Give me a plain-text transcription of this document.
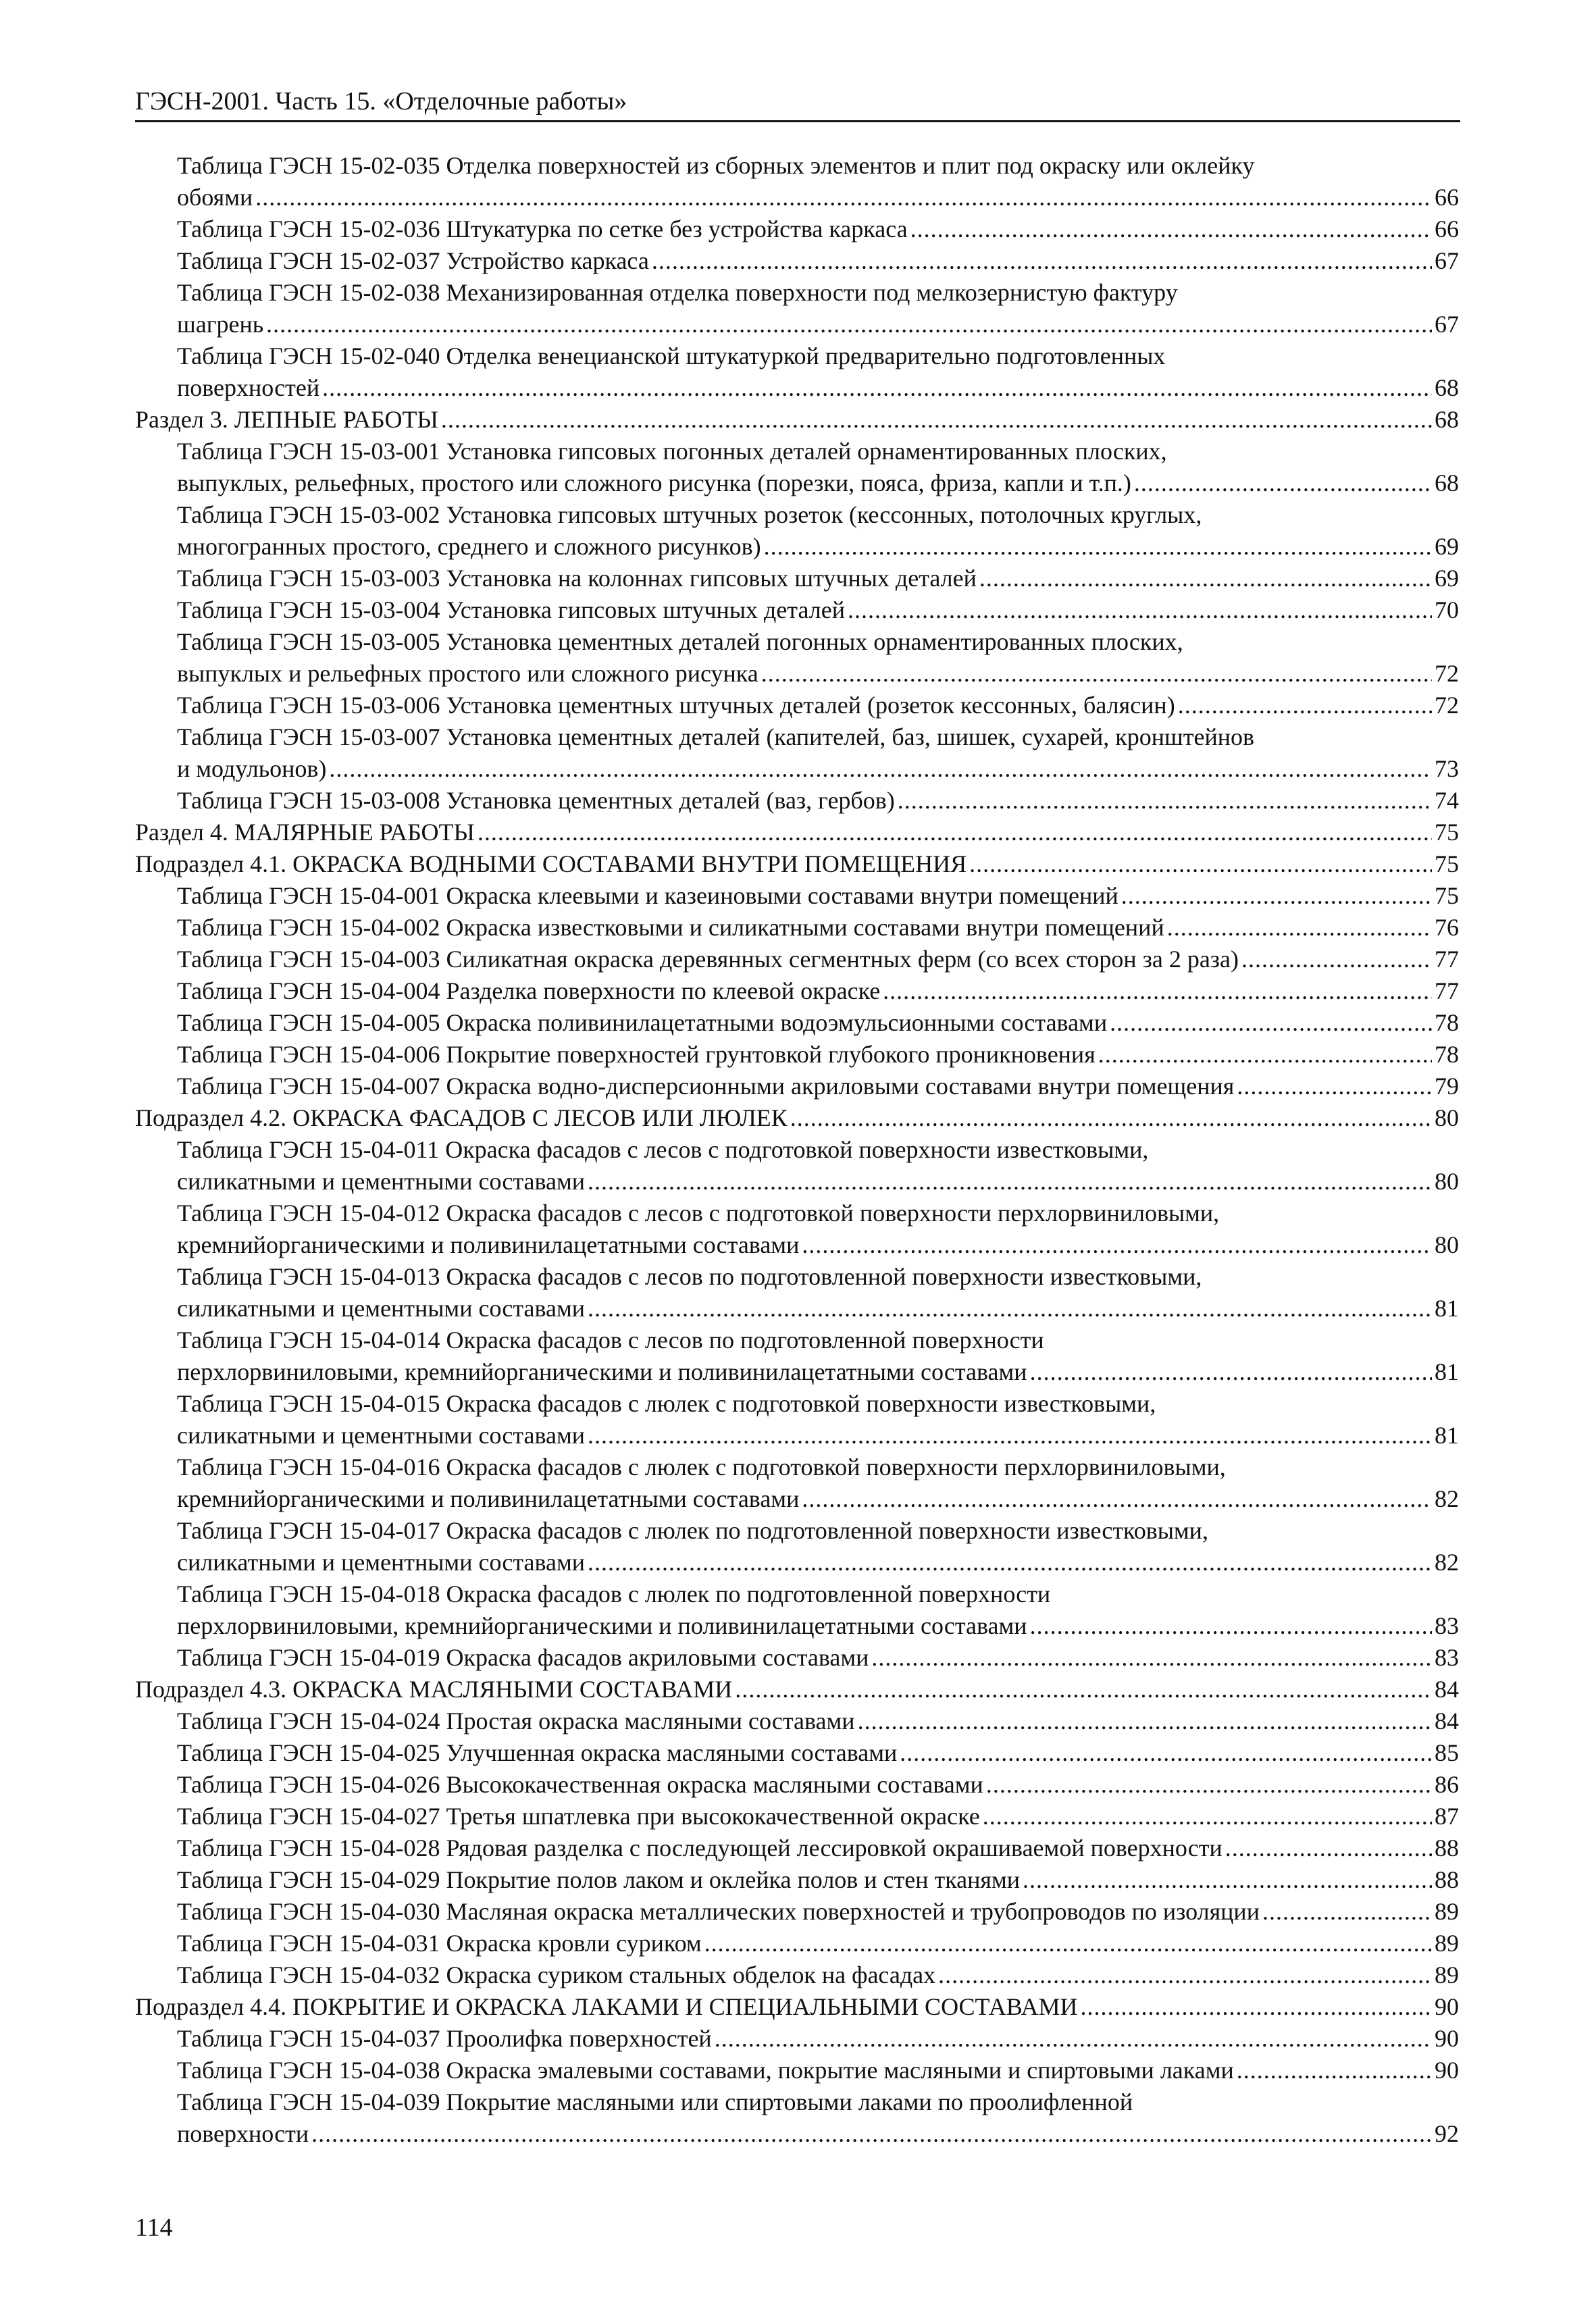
ГЭСН-2001. Часть 15. «Отделочные работы»
Таблица ГЭСН 15-02-035 Отделка поверхностей из сборных элементов и плит под окраску или оклейку
обоями .....	66
Таблица ГЭСН 15-02-036 Штукатурка по сетке без устройства каркаса .....	66
Таблица ГЭСН 15-02-037 Устройство каркаса .....	67
Таблица ГЭСН 15-02-038 Механизированная отделка поверхности под мелкозернистую фактуру
шагрень .....	67
Таблица ГЭСН 15-02-040 Отделка венецианской штукатуркой предварительно подготовленных
поверхностей .....	68
Раздел 3. ЛЕПНЫЕ РАБОТЫ .....	68
Таблица ГЭСН 15-03-001 Установка гипсовых погонных деталей орнаментированных плоских,
выпуклых, рельефных, простого или сложного рисунка (порезки, пояса, фриза, капли и т.п.) .....	68
Таблица ГЭСН 15-03-002 Установка гипсовых штучных розеток (кессонных, потолочных круглых,
многогранных простого, среднего и сложного рисунков) .....	69
Таблица ГЭСН 15-03-003 Установка на колоннах гипсовых штучных деталей .....	69
Таблица ГЭСН 15-03-004 Установка гипсовых штучных деталей .....	70
Таблица ГЭСН 15-03-005 Установка цементных деталей погонных орнаментированных плоских,
выпуклых и рельефных простого или сложного рисунка .....	72
Таблица ГЭСН 15-03-006 Установка цементных штучных деталей (розеток кессонных, балясин) .....	72
Таблица ГЭСН 15-03-007 Установка цементных деталей (капителей, баз, шишек, сухарей, кронштейнов
и модульонов) .....	73
Таблица ГЭСН 15-03-008 Установка цементных деталей (ваз, гербов) .....	74
Раздел 4. МАЛЯРНЫЕ РАБОТЫ .....	75
Подраздел 4.1. ОКРАСКА ВОДНЫМИ СОСТАВАМИ ВНУТРИ ПОМЕЩЕНИЯ .....	75
Таблица ГЭСН 15-04-001 Окраска клеевыми и казеиновыми составами внутри помещений .....	75
Таблица ГЭСН 15-04-002 Окраска известковыми и силикатными составами внутри помещений .....	76
Таблица ГЭСН 15-04-003 Силикатная окраска деревянных сегментных ферм (со всех сторон за 2 раза) .....	77
Таблица ГЭСН 15-04-004 Разделка поверхности по клеевой окраске .....	77
Таблица ГЭСН 15-04-005 Окраска поливинилацетатными водоэмульсионными составами .....	78
Таблица ГЭСН 15-04-006 Покрытие поверхностей грунтовкой глубокого проникновения .....	78
Таблица ГЭСН 15-04-007 Окраска водно-дисперсионными акриловыми составами внутри помещения .....	79
Подраздел 4.2. ОКРАСКА ФАСАДОВ С ЛЕСОВ ИЛИ ЛЮЛЕК .....	80
Таблица ГЭСН 15-04-011 Окраска фасадов с лесов с подготовкой поверхности известковыми,
силикатными и цементными составами .....	80
Таблица ГЭСН 15-04-012 Окраска фасадов с лесов с подготовкой поверхности перхлорвиниловыми,
кремнийорганическими и поливинилацетатными составами .....	80
Таблица ГЭСН 15-04-013 Окраска фасадов с лесов по подготовленной поверхности известковыми,
силикатными и цементными составами .....	81
Таблица ГЭСН 15-04-014 Окраска фасадов с лесов по подготовленной поверхности
перхлорвиниловыми, кремнийорганическими и поливинилацетатными составами .....	81
Таблица ГЭСН 15-04-015 Окраска фасадов с люлек с подготовкой поверхности известковыми,
силикатными и цементными составами .....	81
Таблица ГЭСН 15-04-016 Окраска фасадов с люлек с подготовкой поверхности перхлорвиниловыми,
кремнийорганическими и поливинилацетатными составами .....	82
Таблица ГЭСН 15-04-017 Окраска фасадов с люлек по подготовленной поверхности известковыми,
силикатными и цементными составами .....	82
Таблица ГЭСН 15-04-018 Окраска фасадов с люлек по подготовленной поверхности
перхлорвиниловыми, кремнийорганическими и поливинилацетатными составами .....	83
Таблица ГЭСН 15-04-019 Окраска фасадов акриловыми составами .....	83
Подраздел 4.3. ОКРАСКА МАСЛЯНЫМИ СОСТАВАМИ .....	84
Таблица ГЭСН 15-04-024 Простая окраска масляными составами .....	84
Таблица ГЭСН 15-04-025 Улучшенная окраска масляными составами .....	85
Таблица ГЭСН 15-04-026 Высококачественная окраска масляными составами .....	86
Таблица ГЭСН 15-04-027 Третья шпатлевка при высококачественной окраске .....	87
Таблица ГЭСН 15-04-028 Рядовая разделка с последующей лессировкой окрашиваемой поверхности .....	88
Таблица ГЭСН 15-04-029 Покрытие полов лаком и оклейка полов и стен тканями .....	88
Таблица ГЭСН 15-04-030 Масляная окраска металлических поверхностей и трубопроводов по изоляции .....	89
Таблица ГЭСН 15-04-031 Окраска кровли суриком .....	89
Таблица ГЭСН 15-04-032 Окраска суриком стальных обделок на фасадах .....	89
Подраздел 4.4. ПОКРЫТИЕ И ОКРАСКА ЛАКАМИ И СПЕЦИАЛЬНЫМИ СОСТАВАМИ .....	90
Таблица ГЭСН 15-04-037 Проолифка поверхностей .....	90
Таблица ГЭСН 15-04-038 Окраска эмалевыми составами, покрытие масляными и спиртовыми лаками .....	90
Таблица ГЭСН 15-04-039 Покрытие масляными или спиртовыми лаками по проолифленной
поверхности .....	92
114
